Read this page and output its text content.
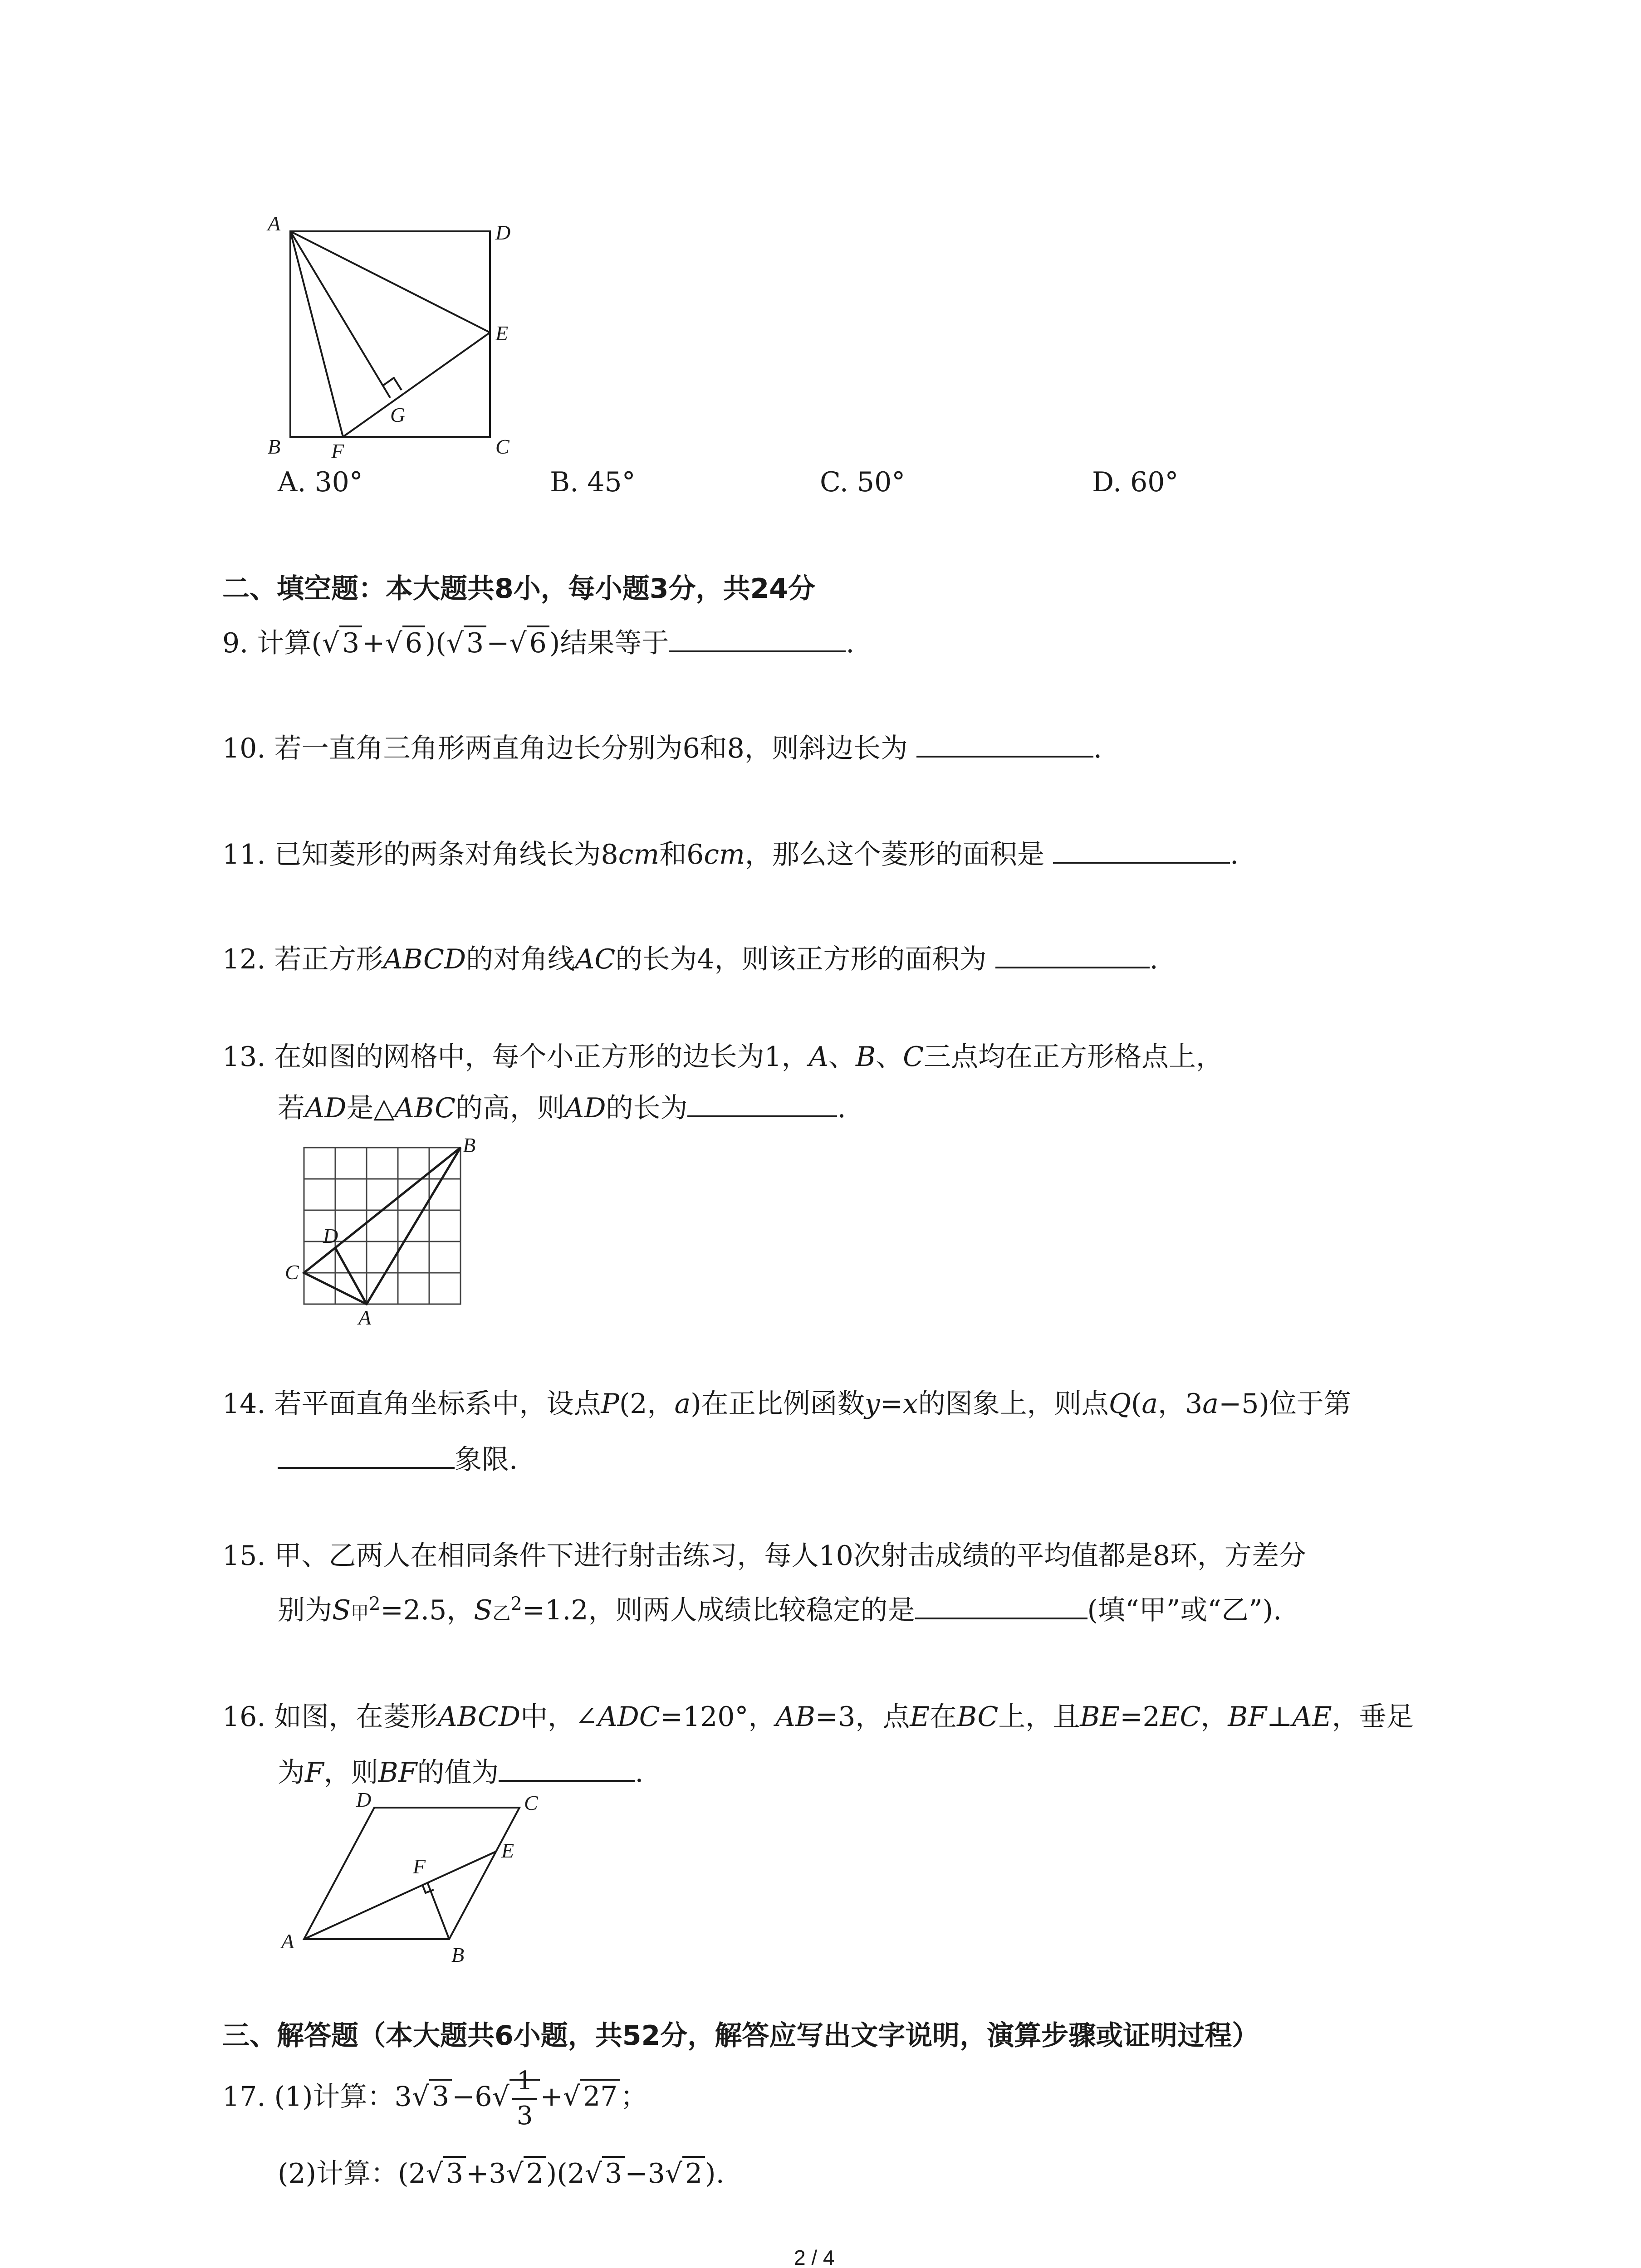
A	D
E
B F
G
C
A. 30°	B. 45°	C. 50°	D. 60°
二、填空题：本大题共8小，每小题3分，共24分
9. 计算(√ 3 +√ 6 )(√ 3 −√ 6 )结果等于	.
10. 若一直角三角形两直角边长分别为6和8，则斜边长为	.
11. 已知菱形的两条对角线长为8cm和6cm，那么这个菱形的面积是	.
12. 若正方形ABCD的对角线AC的长为4，则该正方形的面积为	.
13. 在如图的网格中，每个小正方形的边长为1，A、B、C三点均在正方形格点上，
若AD是△ABC的高，则AD的长为	.
B
D
C
A
14. 若平面直角坐标系中，设点P(2，a)在正比例函数y=x的图象上，则点Q(a，3a−5)位于第
象限.
15. 甲、乙两人在相同条件下进行射击练习，每人10次射击成绩的平均值都是8环，方差分
别为S甲$^2$=2.5，S乙$^2$=1.2，则两人成绩比较稳定的是	(填“甲”或“乙”).
16. 如图，在菱形ABCD中，∠ADC=120°，AB=3，点E在BC上，且BE=2EC，BF⊥AE，垂足
为F，则BF的值为	.
A
B
C
D
E
F
三、解答题（本大题共6小题，共52分，解答应写出文字说明，演算步骤或证明过程）
17. (1)计算：3√ $3 -6√ \frac{1}{3}$ +√ 27 ；
(2)计算：(2√ 3 +3√ 2 )(2√ 3 −3√ 2 ).
2 / 4
